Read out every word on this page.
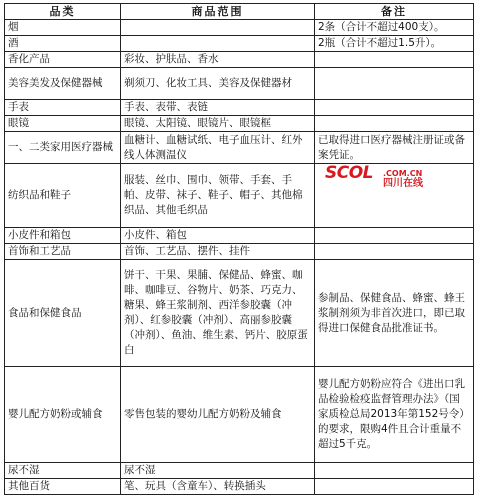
品类	商品范围	备注
烟		2条（合计不超过400支）。
酒		2瓶（合计不超过1.5升）。
香化产品	彩妆、护肤品、香水	
美容美发及保健器械	剃须刀、化妆工具、美容及保健器材	
手表	手表、表带、表链	
眼镜	眼镜、太阳镜、眼镜片、眼镜框	
一、二类家用医疗器械	血糖计、血糖试纸、电子血压计、红外线人体测温仪	已取得进口医疗器械注册证或备案凭证。
纺织品和鞋子	服装、丝巾、围巾、领带、手套、手帕、皮带、袜子、鞋子、帽子、其他棉织品、其他毛织品	SCOL .COM.CN
四川在线

小皮件和箱包	小皮件、箱包	
首饰和工艺品	首饰、工艺品、摆件、挂件	
食品和保健食品	饼干、干果、果脯、保健品、蜂蜜、咖啡、咖啡豆、谷物片、奶茶、巧克力、糖果、蜂王浆制剂、西洋参胶囊（冲剂）、红参胶囊（冲剂）、高丽参胶囊（冲剂）、鱼油、维生素、钙片、胶原蛋白	参制品、保健食品、蜂蜜、蜂王浆制剂须为非首次进口，即已取得进口保健食品批准证书。
婴儿配方奶粉或辅食	零售包装的婴幼儿配方奶粉及辅食	婴儿配方奶粉应符合《进出口乳品检验检疫监督管理办法》（国家质检总局2013年第152号令）的要求，限购4件且合计重量不超过5千克。
尿不湿	尿不湿	
其他百货	笔、玩具（含童车）、转换插头	
